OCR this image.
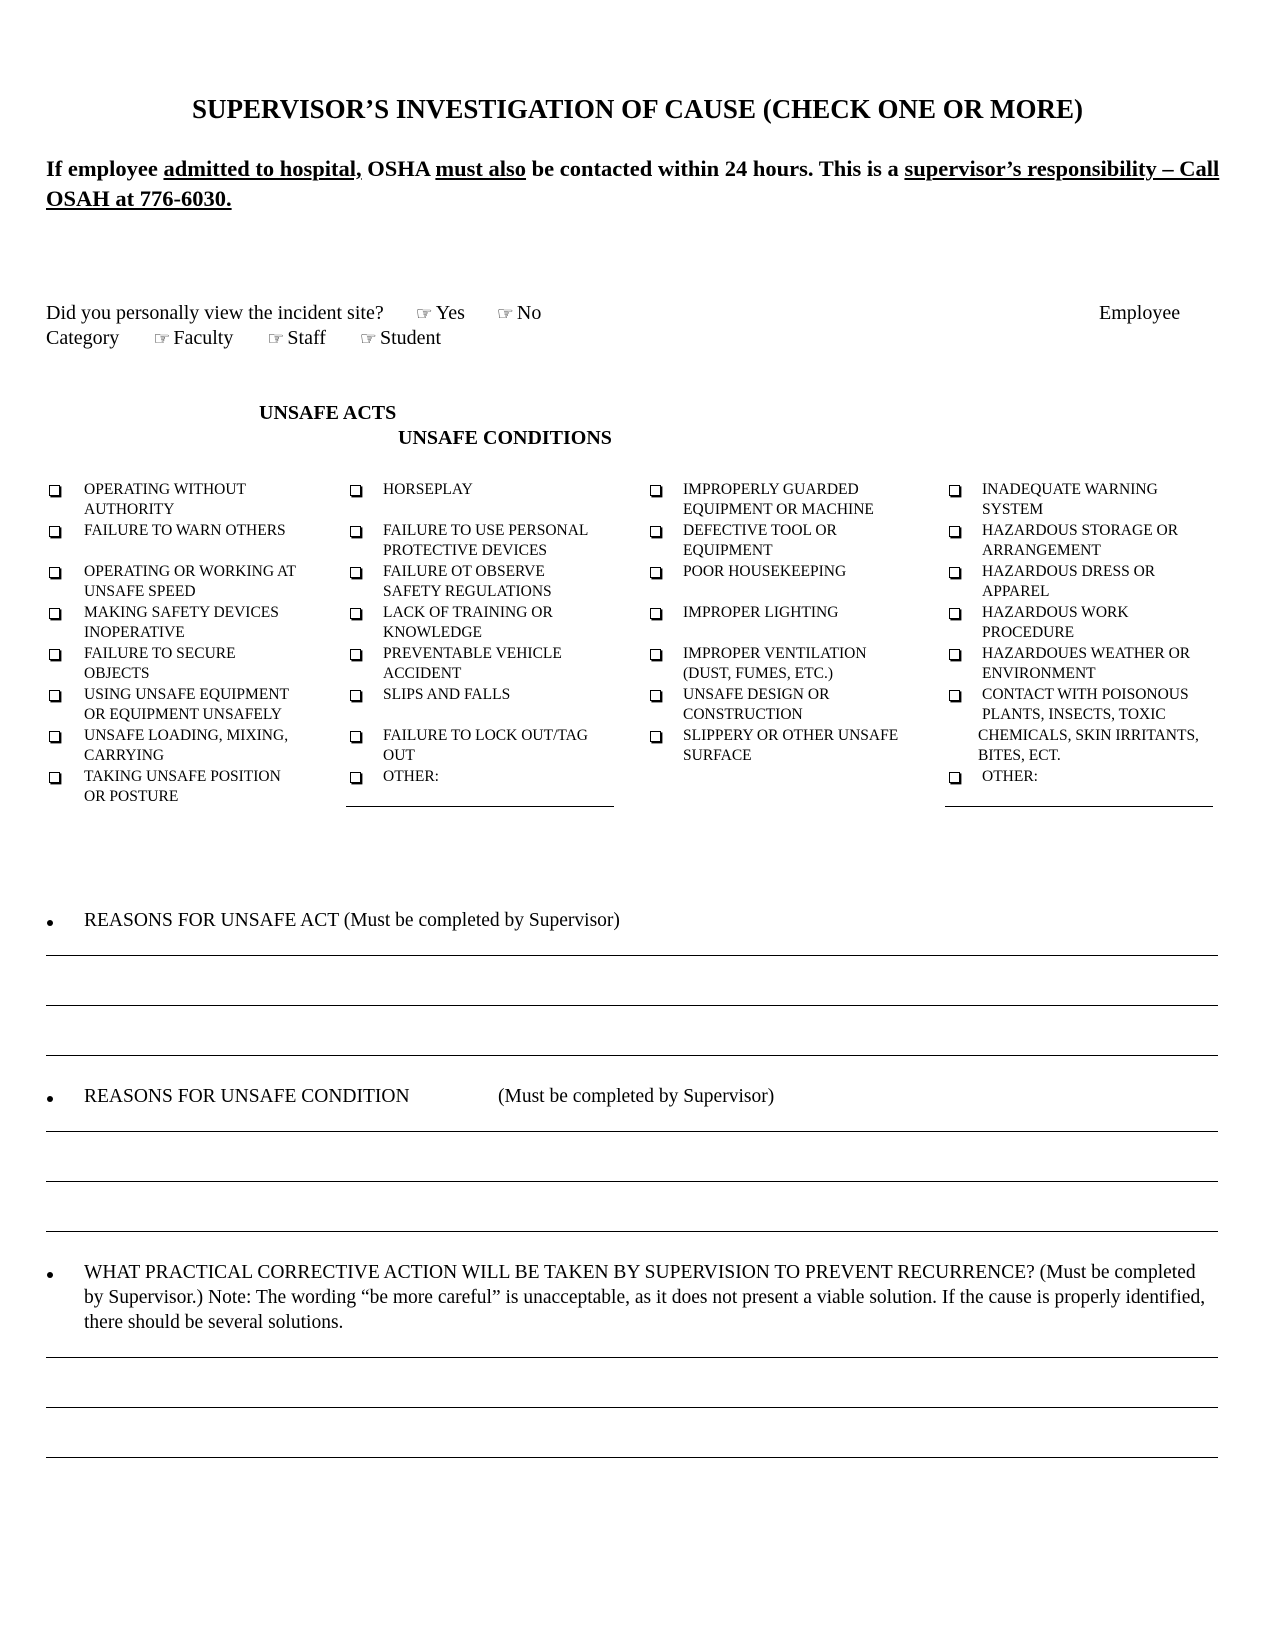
SUPERVISOR’S INVESTIGATION OF CAUSE (CHECK ONE OR MORE)
If employee admitted to hospital, OSHA must also be contacted within 24 hours. This is a supervisor’s responsibility – Call OSAH at 776-6030.
Did you personally view the incident site? ☞ Yes ☞ No	Employee
Category ☞ Faculty ☞ Staff ☞ Student
UNSAFE ACTS
UNSAFE CONDITIONS
OPERATING WITHOUT
AUTHORITY
FAILURE TO WARN OTHERS
OPERATING OR WORKING AT
UNSAFE SPEED
MAKING SAFETY DEVICES
INOPERATIVE
FAILURE TO SECURE
OBJECTS
USING UNSAFE EQUIPMENT
OR EQUIPMENT UNSAFELY
UNSAFE LOADING, MIXING,
CARRYING
TAKING UNSAFE POSITION
OR POSTURE
HORSEPLAY
FAILURE TO USE PERSONAL
PROTECTIVE DEVICES
FAILURE OT OBSERVE
SAFETY REGULATIONS
LACK OF TRAINING OR
KNOWLEDGE
PREVENTABLE VEHICLE
ACCIDENT
SLIPS AND FALLS
FAILURE TO LOCK OUT/TAG
OUT
OTHER:
IMPROPERLY GUARDED
EQUIPMENT OR MACHINE
DEFECTIVE TOOL OR
EQUIPMENT
POOR HOUSEKEEPING
IMPROPER LIGHTING
IMPROPER VENTILATION
(DUST, FUMES, ETC.)
UNSAFE DESIGN OR
CONSTRUCTION
SLIPPERY OR OTHER UNSAFE
SURFACE
INADEQUATE WARNING
SYSTEM
HAZARDOUS STORAGE OR
ARRANGEMENT
HAZARDOUS DRESS OR
APPAREL
HAZARDOUS WORK
PROCEDURE
HAZARDOUES WEATHER OR
ENVIRONMENT
CONTACT WITH POISONOUS
PLANTS, INSECTS, TOXIC
CHEMICALS, SKIN IRRITANTS,
BITES, ECT.
OTHER:
REASONS FOR UNSAFE ACT (Must be completed by Supervisor)
REASONS FOR UNSAFE CONDITION	(Must be completed by Supervisor)
WHAT PRACTICAL CORRECTIVE ACTION WILL BE TAKEN BY SUPERVISION TO PREVENT RECURRENCE? (Must be completed by Supervisor.) Note: The wording “be more careful” is unacceptable, as it does not present a viable solution. If the cause is properly identified, there should be several solutions.
